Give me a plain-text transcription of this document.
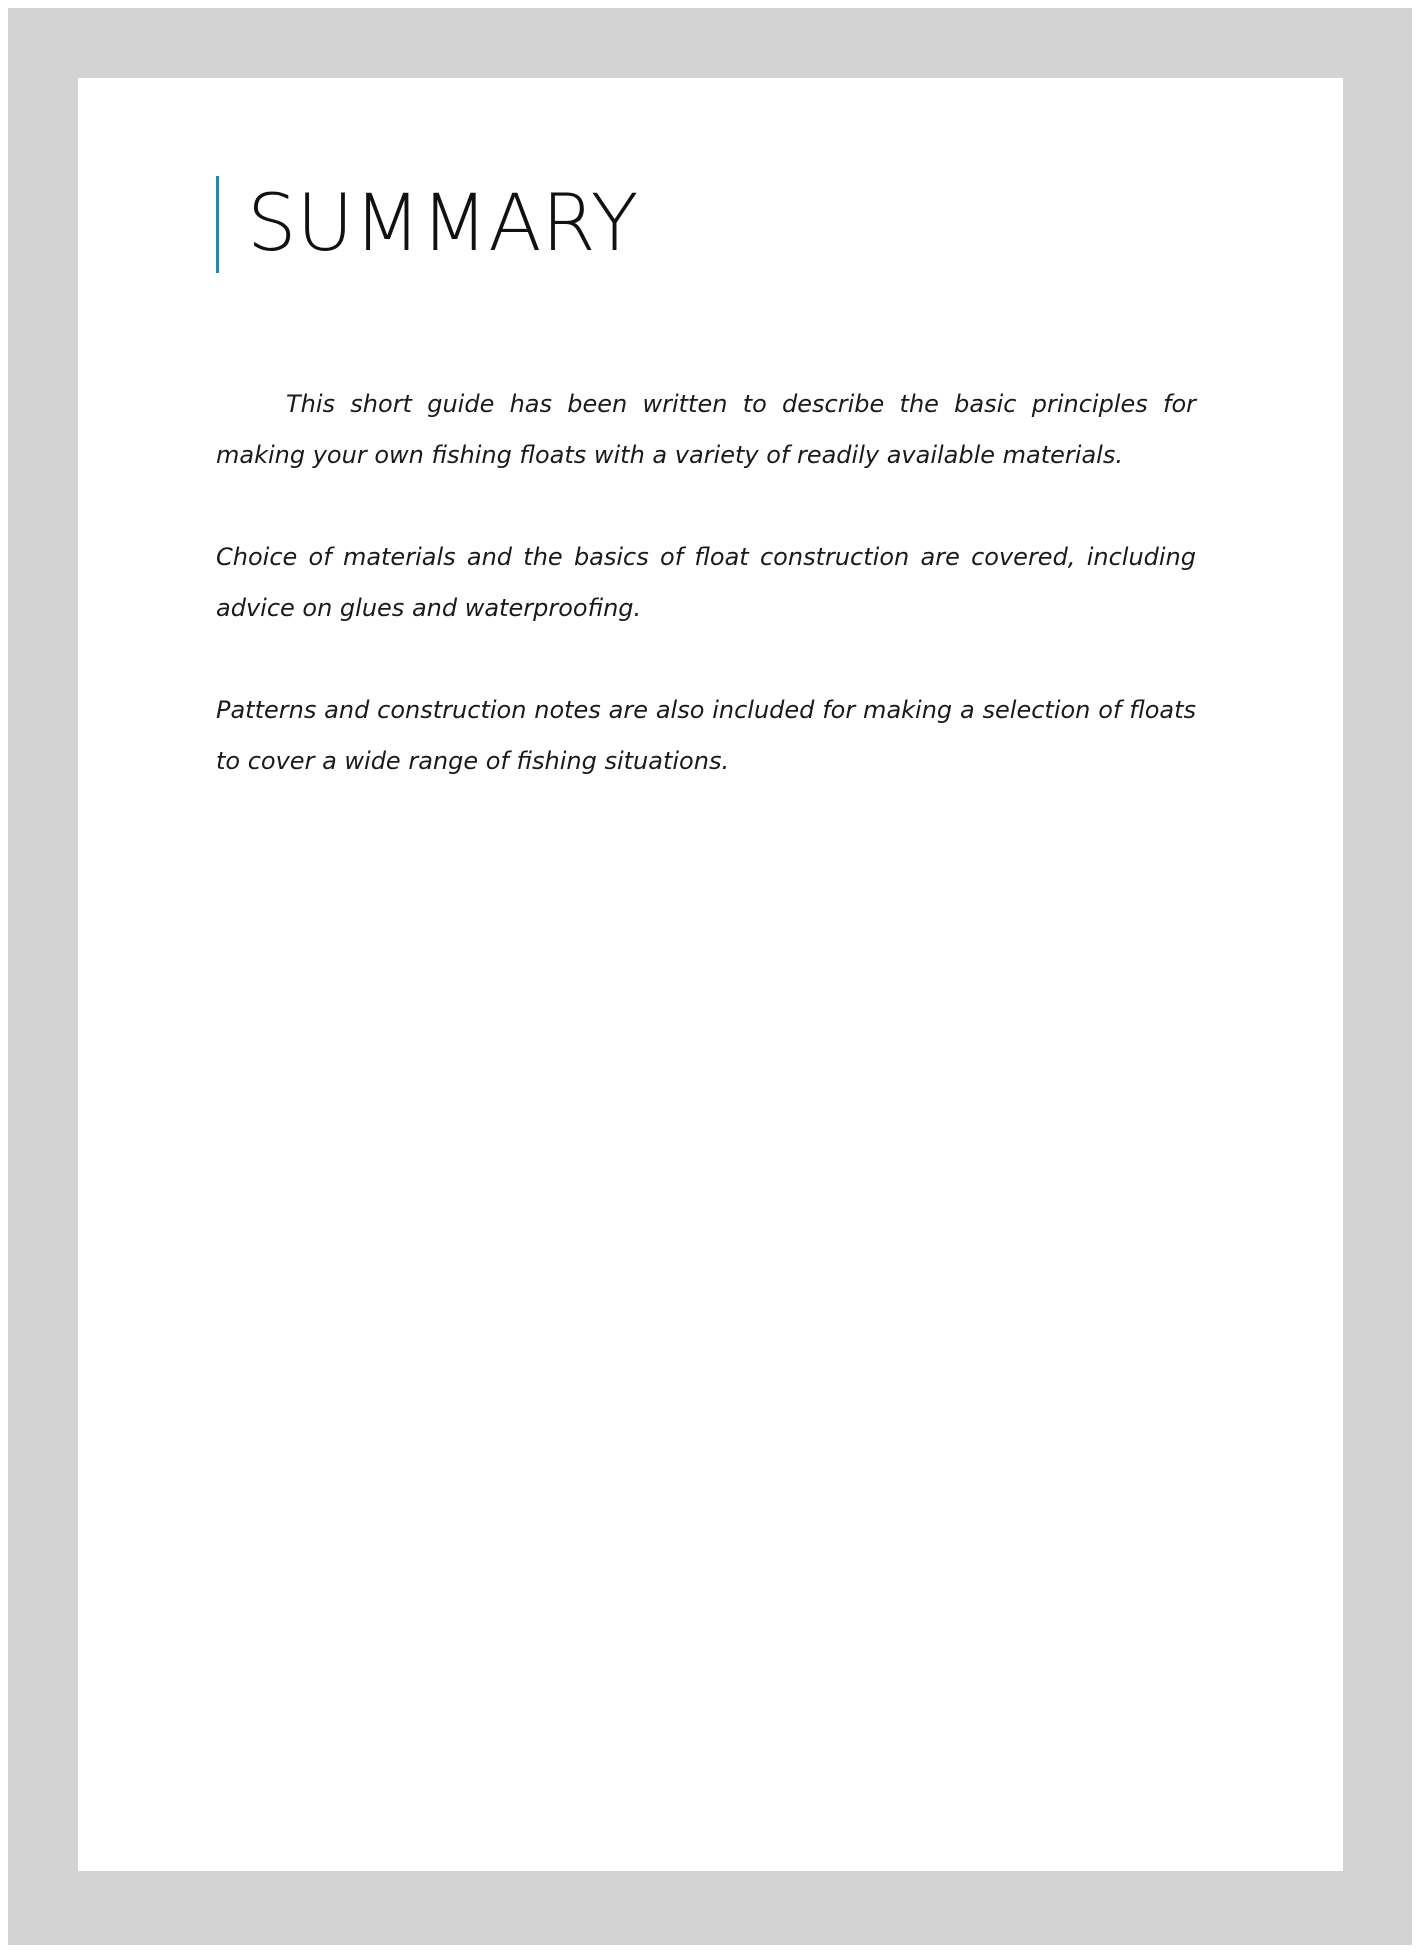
SUMMARY

This short guide has been written to describe the basic principles for making your own fishing floats with a variety of readily available materials.

Choice of materials and the basics of float construction are covered, including advice on glues and waterproofing.

Patterns and construction notes are also included for making a selection of floats to cover a wide range of fishing situations.
